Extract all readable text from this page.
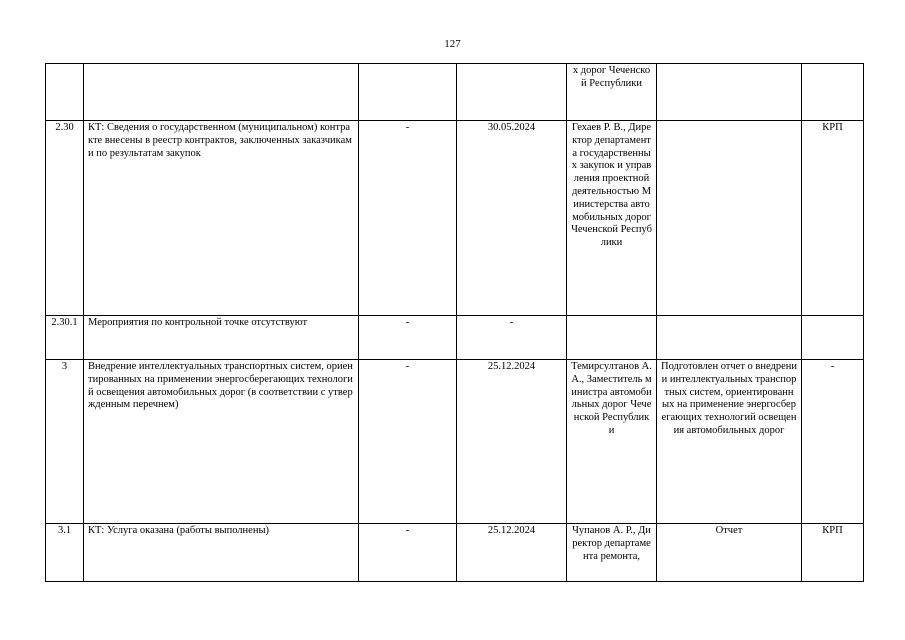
127
				х дорог Чеченской Республики		
2.30	КТ: Сведения о государственном (муниципальном) контракте внесены в реестр контрактов, заключенных заказчиками по результатам закупок	-	30.05.2024	Гехаев Р. В., Директор департамента государственных закупок и управления проектной деятельностью Министерства автомобильных дорог Чеченской Республики		КРП
2.30.1	Мероприятия по контрольной точке отсутствуют	-	-			
3	Внедрение интеллектуальных транспортных систем, ориентированных на применении энергосберегающих технологий освещения автомобильных дорог (в соответствии с утвержденным перечнем)	-	25.12.2024	Темирсултанов А. А., Заместитель министра автомобильных дорог Чеченской Республики	Подготовлен отчет о внедрении интеллектуальных транспортных систем, ориентированных на применение энергосберегающих технологий освещения автомобильных дорог	-
3.1	КТ: Услуга оказана (работы выполнены)	-	25.12.2024	Чупанов А. Р., Директор департамента ремонта,	Отчет	КРП
